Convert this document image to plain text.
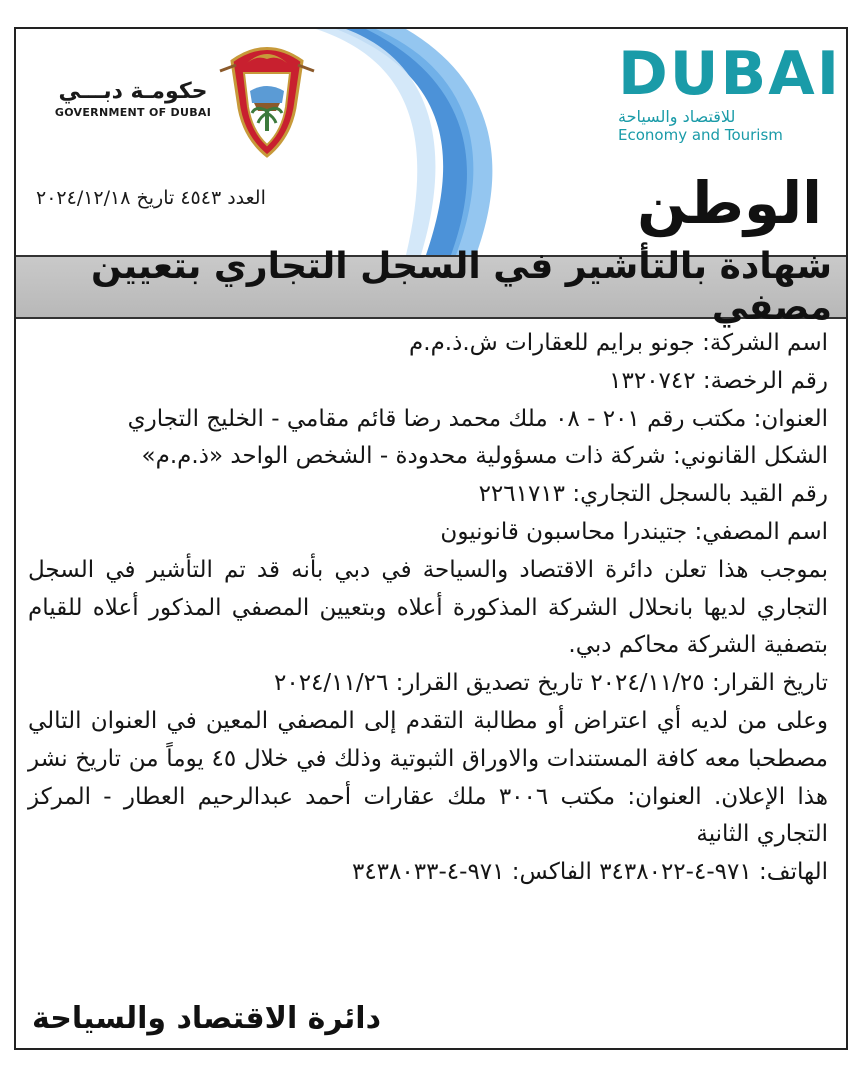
حكومـة دبـــي
GOVERNMENT OF DUBAI
DUBAI
للاقتصاد والسياحة
Economy and Tourism
العدد ٤٥٤٣ تاريخ ٢٠٢٤/١٢/١٨	الوطن
شهادة بالتأشير في السجل التجاري بتعيين مصفي

اسم الشركة: جونو برايم للعقارات ش.ذ.م.م

رقم الرخصة: ١٣٢٠٧٤٢

العنوان: مكتب رقم ٢٠١ - ٠٨ ملك محمد رضا قائم مقامي - الخليج التجاري

الشكل القانوني: شركة ذات مسؤولية محدودة - الشخص الواحد «ذ.م.م»

رقم القيد بالسجل التجاري: ٢٢٦١٧١٣

اسم المصفي: جتيندرا محاسبون قانونيون

بموجب هذا تعلن دائرة الاقتصاد والسياحة في دبي بأنه قد تم التأشير في السجل التجاري لديها بانحلال الشركة المذكورة أعلاه وبتعيين المصفي المذكور أعلاه للقيام بتصفية الشركة محاكم دبي.

تاريخ القرار: ٢٠٢٤/١١/٢٥ تاريخ تصديق القرار: ٢٠٢٤/١١/٢٦

وعلى من لديه أي اعتراض أو مطالبة التقدم إلى المصفي المعين في العنوان التالي مصطحبا معه كافة المستندات والاوراق الثبوتية وذلك في خلال ٤٥ يوماً من تاريخ نشر هذا الإعلان. العنوان: مكتب ٣٠٠٦ ملك عقارات أحمد عبدالرحيم العطار - المركز التجاري الثانية

الهاتف: ٩٧١-٤-٣٤٣٨٠٢٢ الفاكس: ٩٧١-٤-٣٤٣٨٠٣٣

دائرة الاقتصاد والسياحة
